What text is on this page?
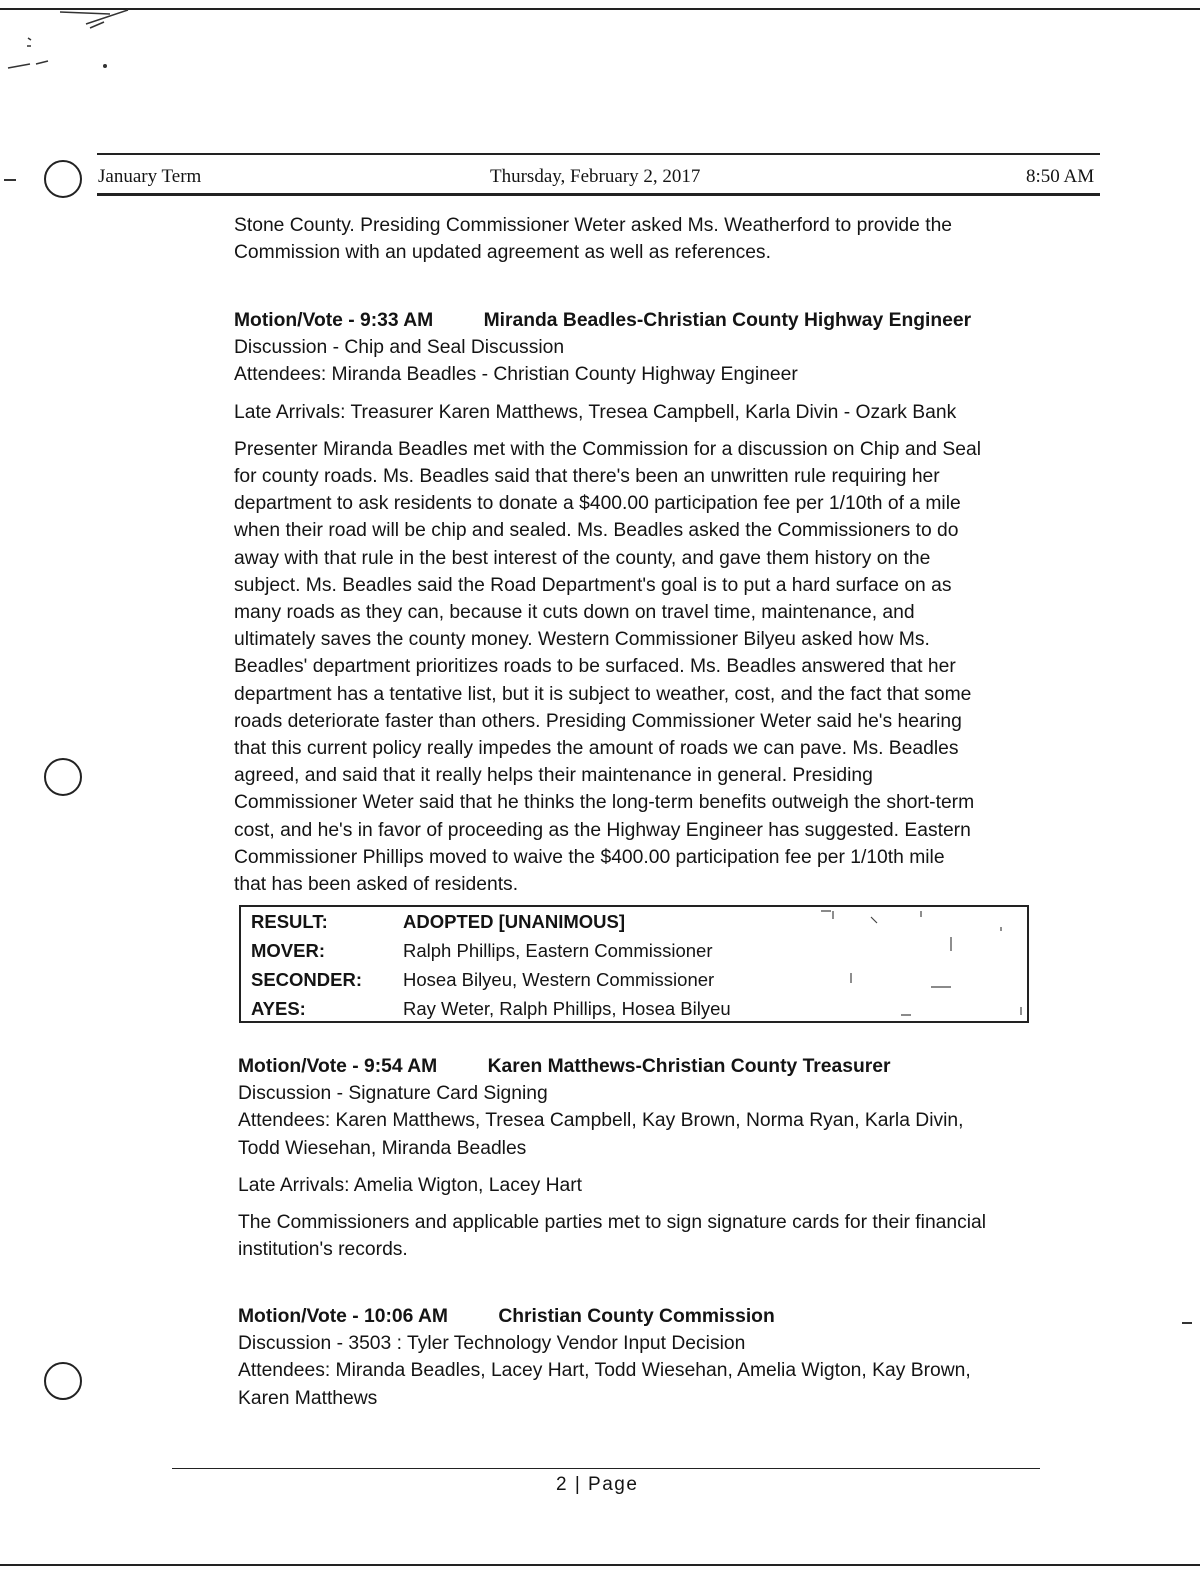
January Term	Thursday, February 2, 2017	8:50 AM
Stone County. Presiding Commissioner Weter asked Ms. Weatherford to provide the
Commission with an updated agreement as well as references.
Motion/Vote - 9:33 AM	Miranda Beadles-Christian County Highway Engineer
Discussion - Chip and Seal Discussion
Attendees: Miranda Beadles - Christian County Highway Engineer
Late Arrivals: Treasurer Karen Matthews, Tresea Campbell, Karla Divin - Ozark Bank
Presenter Miranda Beadles met with the Commission for a discussion on Chip and Seal
for county roads. Ms. Beadles said that there's been an unwritten rule requiring her
department to ask residents to donate a $400.00 participation fee per 1/10th of a mile
when their road will be chip and sealed. Ms. Beadles asked the Commissioners to do
away with that rule in the best interest of the county, and gave them history on the
subject. Ms. Beadles said the Road Department's goal is to put a hard surface on as
many roads as they can, because it cuts down on travel time, maintenance, and
ultimately saves the county money. Western Commissioner Bilyeu asked how Ms.
Beadles' department prioritizes roads to be surfaced. Ms. Beadles answered that her
department has a tentative list, but it is subject to weather, cost, and the fact that some
roads deteriorate faster than others. Presiding Commissioner Weter said he's hearing
that this current policy really impedes the amount of roads we can pave. Ms. Beadles
agreed, and said that it really helps their maintenance in general. Presiding
Commissioner Weter said that he thinks the long-term benefits outweigh the short-term
cost, and he's in favor of proceeding as the Highway Engineer has suggested. Eastern
Commissioner Phillips moved to waive the $400.00 participation fee per 1/10th mile
that has been asked of residents.
RESULT:	ADOPTED [UNANIMOUS]
MOVER:	Ralph Phillips, Eastern Commissioner
SECONDER: Hosea Bilyeu, Western Commissioner
AYES:	Ray Weter, Ralph Phillips, Hosea Bilyeu
Motion/Vote - 9:54 AM	Karen Matthews-Christian County Treasurer
Discussion - Signature Card Signing
Attendees: Karen Matthews, Tresea Campbell, Kay Brown, Norma Ryan, Karla Divin,
Todd Wiesehan, Miranda Beadles
Late Arrivals: Amelia Wigton, Lacey Hart
The Commissioners and applicable parties met to sign signature cards for their financial
institution's records.
Motion/Vote - 10:06 AM	Christian County Commission
Discussion - 3503 : Tyler Technology Vendor Input Decision
Attendees: Miranda Beadles, Lacey Hart, Todd Wiesehan, Amelia Wigton, Kay Brown,
Karen Matthews
2 | Page
